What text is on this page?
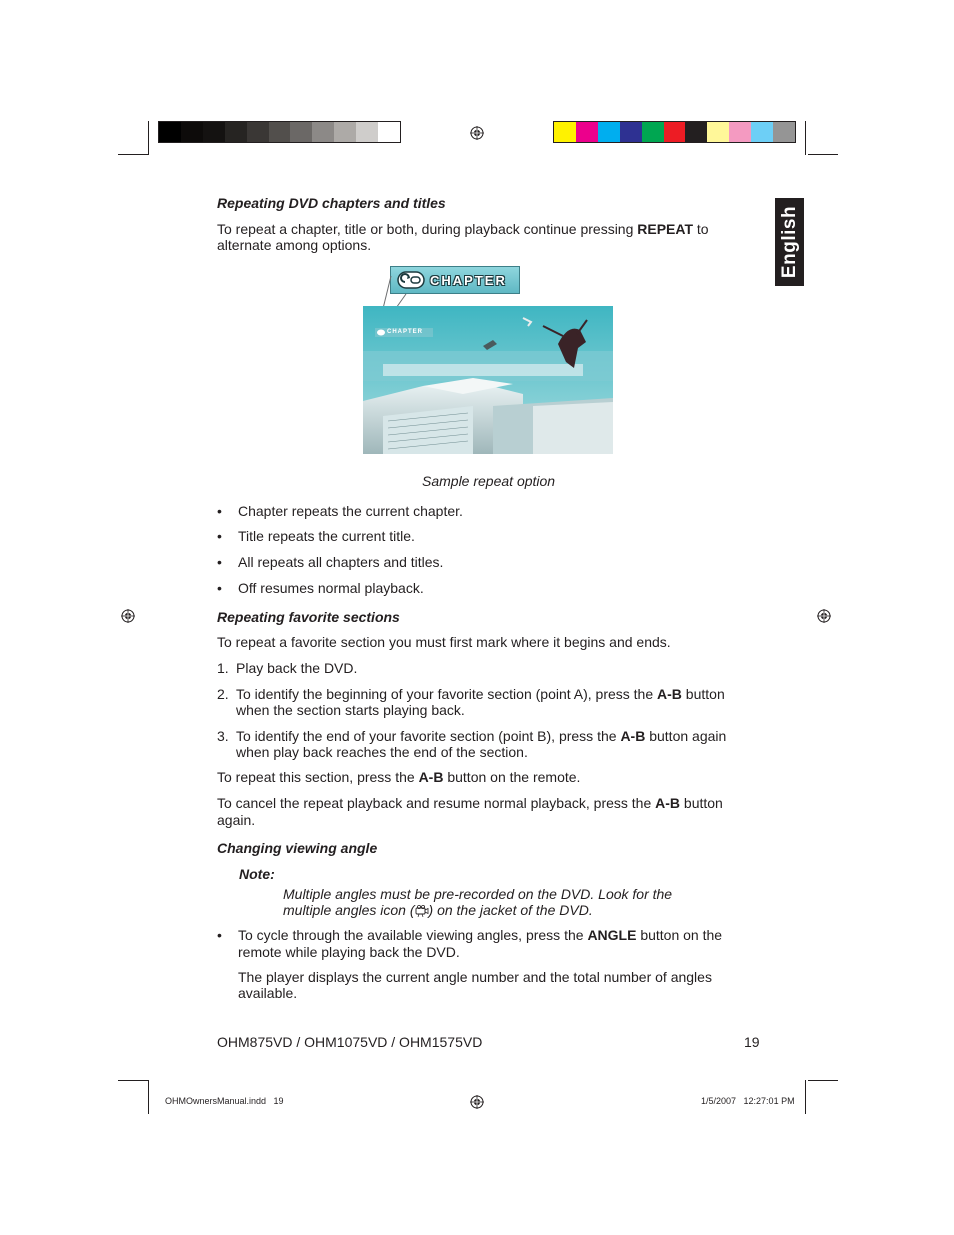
English
Repeating DVD chapters and titles
To repeat a chapter, title or both, during playback continue pressing REPEAT to
alternate among options.
CHAPTER
CHAPTER
Sample repeat option
• Chapter repeats the current chapter.
• Title repeats the current title.
• All repeats all chapters and titles.
• Off resumes normal playback.
Repeating favorite sections
To repeat a favorite section you must first mark where it begins and ends.
1. Play back the DVD.
2. To identify the beginning of your favorite section (point A), press the A-B button
when the section starts playing back.
3. To identify the end of your favorite section (point B), press the A-B button again
when play back reaches the end of the section.
To repeat this section, press the A-B button on the remote.
To cancel the repeat playback and resume normal playback, press the A-B button
again.
Changing viewing angle
Note:
Multiple angles must be pre-recorded on the DVD. Look for the
multiple angles icon ( ) on the jacket of the DVD.
• To cycle through the available viewing angles, press the ANGLE button on the
remote while playing back the DVD.
The player displays the current angle number and the total number of angles
available.
OHM875VD / OHM1075VD / OHM1575VD	19
OHMOwnersManual.indd   19	1/5/2007   12:27:01 PM
